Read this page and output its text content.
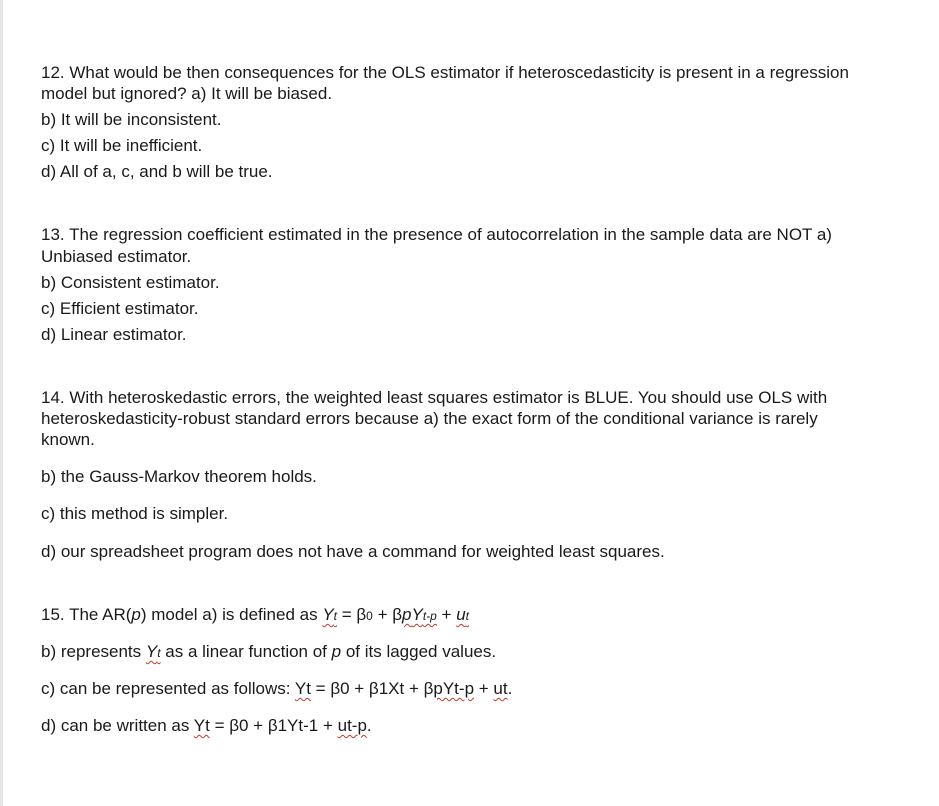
12. What would be then consequences for the OLS estimator if heteroscedasticity is present in a regression
model but ignored? a) It will be biased.
b) It will be inconsistent.
c) It will be inefficient.
d) All of a, c, and b will be true.
13. The regression coefficient estimated in the presence of autocorrelation in the sample data are NOT a)
Unbiased estimator.
b) Consistent estimator.
c) Efficient estimator.
d) Linear estimator.
14. With heteroskedastic errors, the weighted least squares estimator is BLUE. You should use OLS with
heteroskedasticity-robust standard errors because a) the exact form of the conditional variance is rarely
known.
b) the Gauss-Markov theorem holds.
c) this method is simpler.
d) our spreadsheet program does not have a command for weighted least squares.
15. The AR(p) model a) is defined as Yt = β0 + βpYt-p + ut
b) represents Yt as a linear function of p of its lagged values.
c) can be represented as follows: Yt = β0 + β1Xt + βpYt-p + ut.
d) can be written as Yt = β0 + β1Yt-1 + ut-p.
